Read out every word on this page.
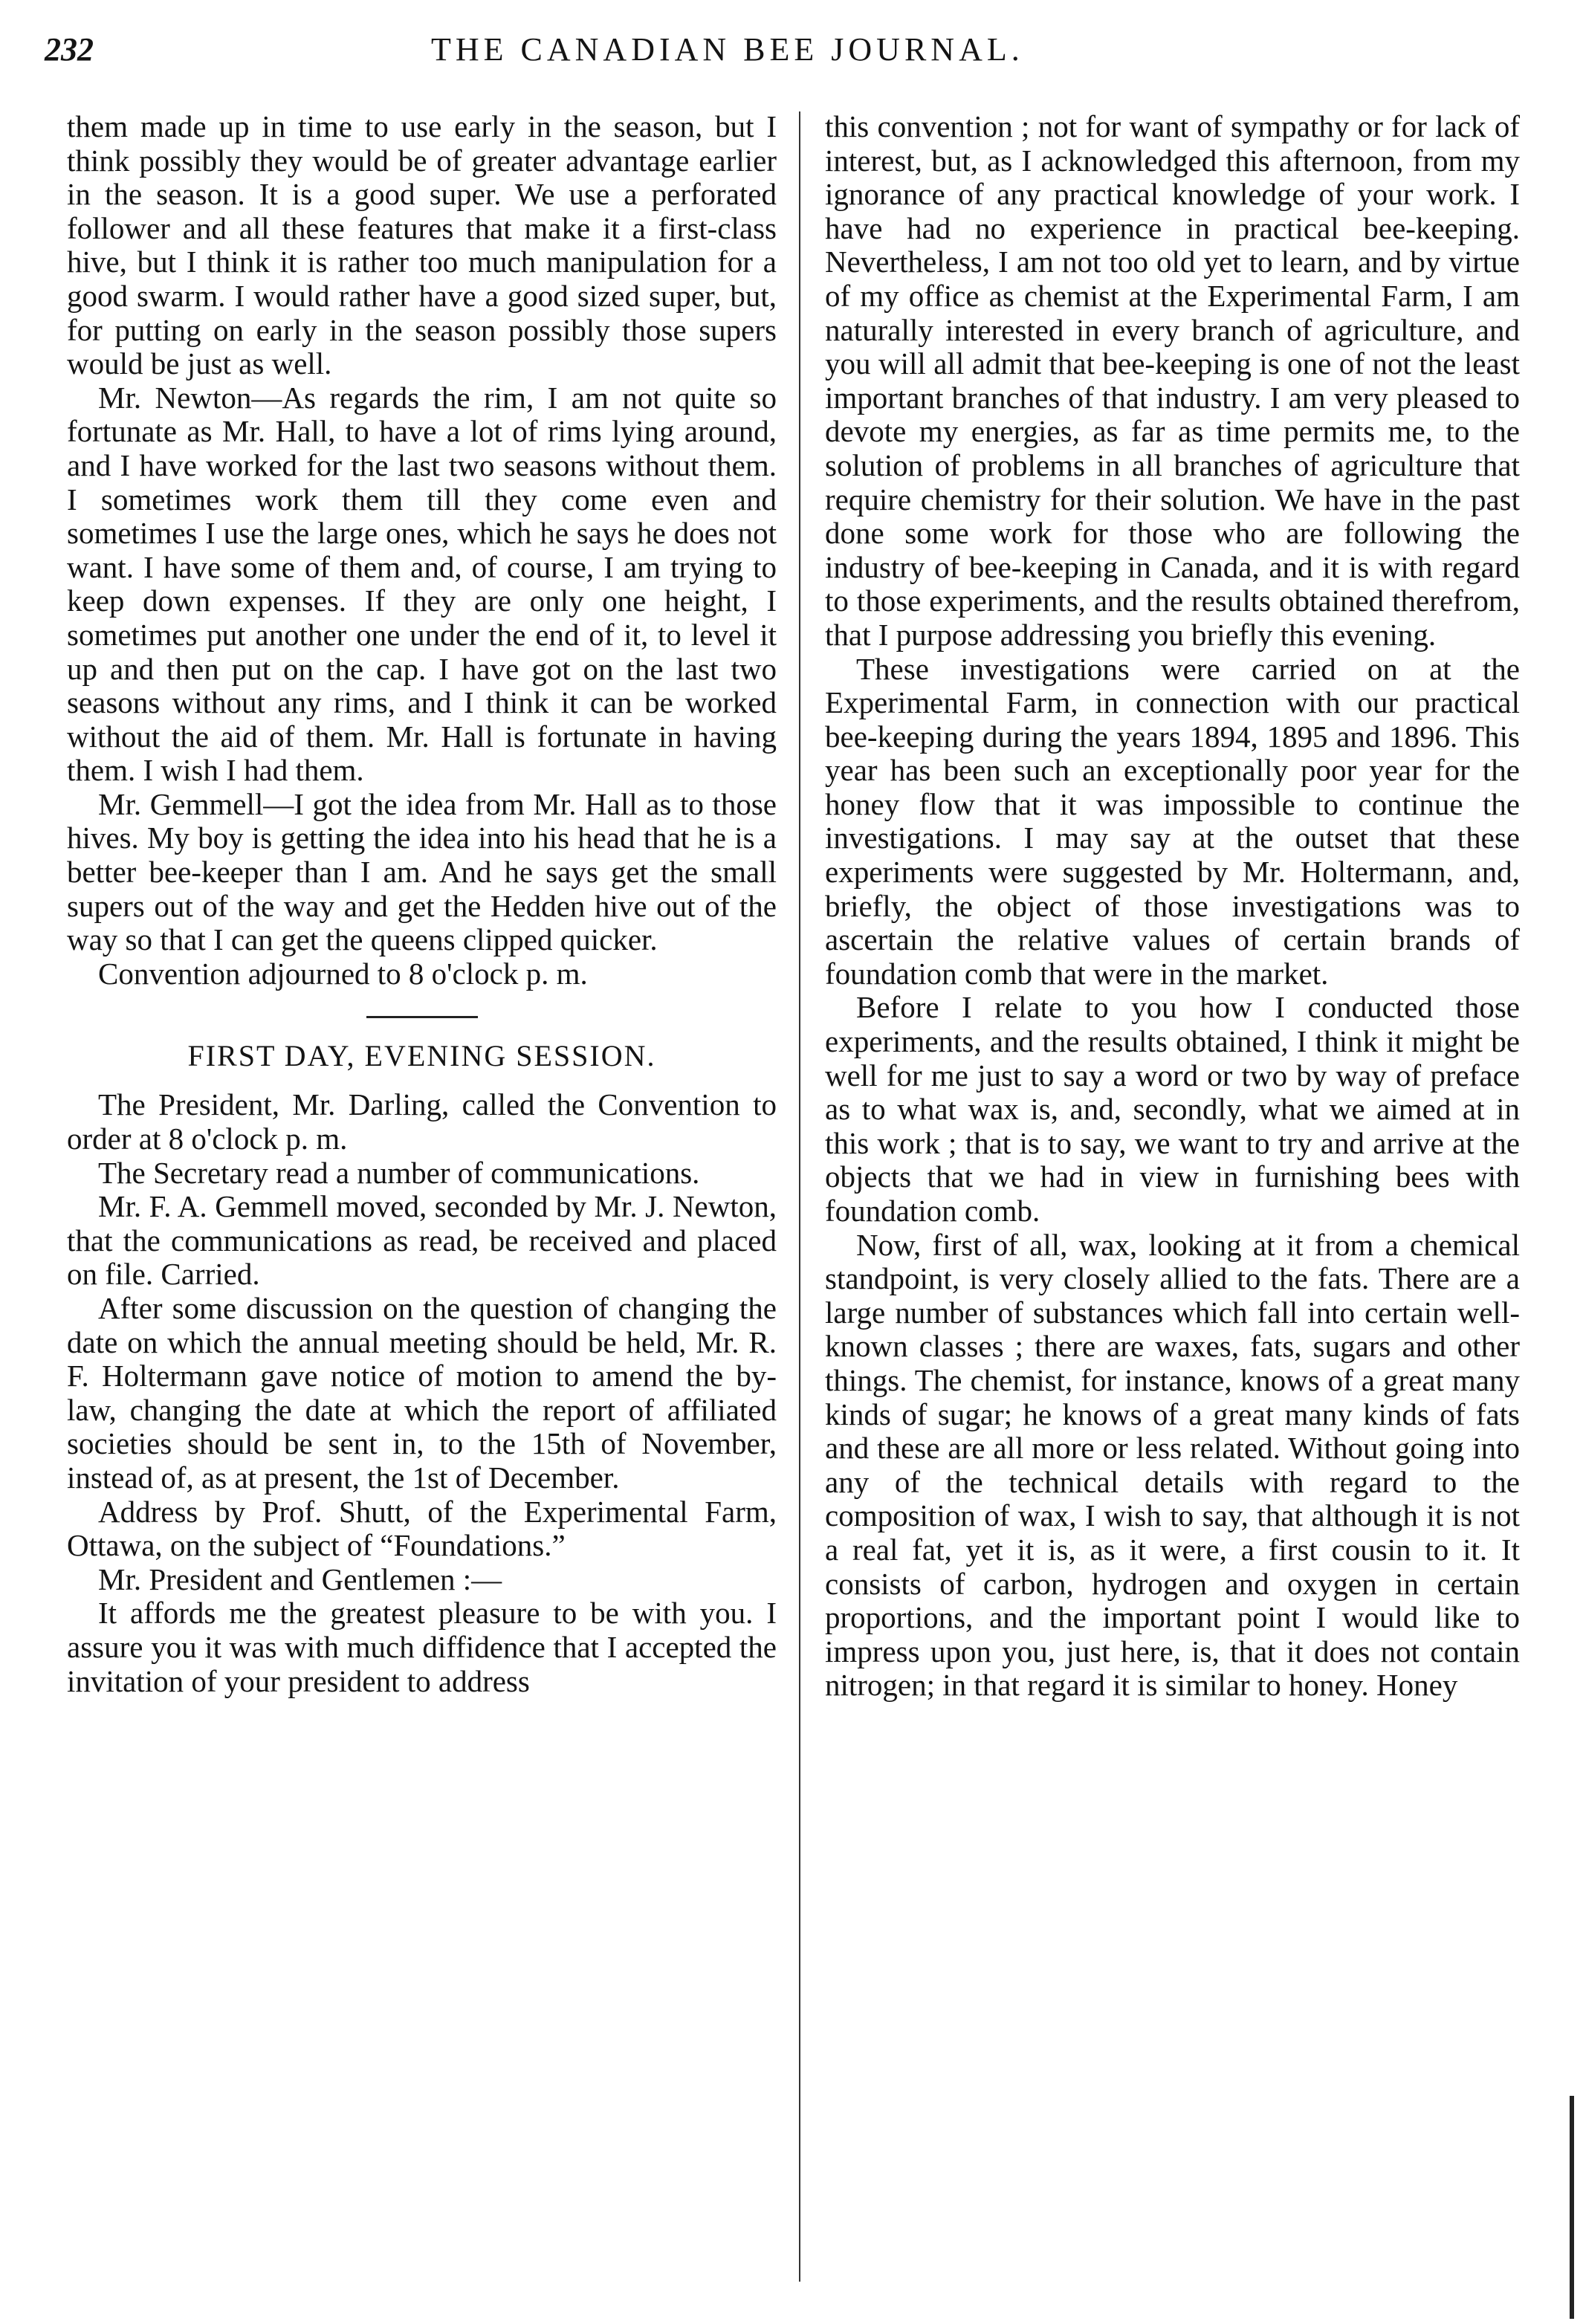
232	THE CANADIAN BEE JOURNAL.

them made up in time to use early in the season, but I think possibly they would be of greater advantage earlier in the season. It is a good super. We use a perforated follower and all these features that make it a first-class hive, but I think it is rather too much manipulation for a good swarm. I would rather have a good sized super, but, for putting on early in the season possibly those supers would be just as well.

Mr. Newton—As regards the rim, I am not quite so fortunate as Mr. Hall, to have a lot of rims lying around, and I have worked for the last two seasons without them. I sometimes work them till they come even and sometimes I use the large ones, which he says he does not want. I have some of them and, of course, I am trying to keep down expenses. If they are only one height, I sometimes put another one under the end of it, to level it up and then put on the cap. I have got on the last two seasons without any rims, and I think it can be worked without the aid of them. Mr. Hall is fortunate in having them. I wish I had them.

Mr. Gemmell—I got the idea from Mr. Hall as to those hives. My boy is getting the idea into his head that he is a better bee-keeper than I am. And he says get the small supers out of the way and get the Hedden hive out of the way so that I can get the queens clipped quicker.

Convention adjourned to 8 o'clock p. m.

FIRST DAY, EVENING SESSION.

The President, Mr. Darling, called the Convention to order at 8 o'clock p. m.

The Secretary read a number of communications.

Mr. F. A. Gemmell moved, seconded by Mr. J. Newton, that the communications as read, be received and placed on file. Carried.

After some discussion on the question of changing the date on which the annual meeting should be held, Mr. R. F. Holtermann gave notice of motion to amend the by-law, changing the date at which the report of affiliated societies should be sent in, to the 15th of November, instead of, as at present, the 1st of December.

Address by Prof. Shutt, of the Experimental Farm, Ottawa, on the subject of “Foundations.”

Mr. President and Gentlemen :—

It affords me the greatest pleasure to be with you. I assure you it was with much diffidence that I accepted the invitation of your president to address

this convention ; not for want of sympathy or for lack of interest, but, as I acknowledged this afternoon, from my ignorance of any practical knowledge of your work. I have had no experience in practical bee-keeping. Nevertheless, I am not too old yet to learn, and by virtue of my office as chemist at the Experimental Farm, I am naturally interested in every branch of agriculture, and you will all admit that bee-keeping is one of not the least important branches of that industry. I am very pleased to devote my energies, as far as time permits me, to the solution of problems in all branches of agriculture that require chemistry for their solution. We have in the past done some work for those who are following the industry of bee-keeping in Canada, and it is with regard to those experiments, and the results obtained therefrom, that I purpose addressing you briefly this evening.

These investigations were carried on at the Experimental Farm, in connection with our practical bee-keeping during the years 1894, 1895 and 1896. This year has been such an exceptionally poor year for the honey flow that it was impossible to continue the investigations. I may say at the outset that these experiments were suggested by Mr. Holtermann, and, briefly, the object of those investigations was to ascertain the relative values of certain brands of foundation comb that were in the market.

Before I relate to you how I conducted those experiments, and the results obtained, I think it might be well for me just to say a word or two by way of preface as to what wax is, and, secondly, what we aimed at in this work ; that is to say, we want to try and arrive at the objects that we had in view in furnishing bees with foundation comb.

Now, first of all, wax, looking at it from a chemical standpoint, is very closely allied to the fats. There are a large number of substances which fall into certain well-known classes ; there are waxes, fats, sugars and other things. The chemist, for instance, knows of a great many kinds of sugar; he knows of a great many kinds of fats and these are all more or less related. Without going into any of the technical details with regard to the composition of wax, I wish to say, that although it is not a real fat, yet it is, as it were, a first cousin to it. It consists of carbon, hydrogen and oxygen in certain proportions, and the important point I would like to impress upon you, just here, is, that it does not contain nitrogen; in that regard it is similar to honey. Honey
